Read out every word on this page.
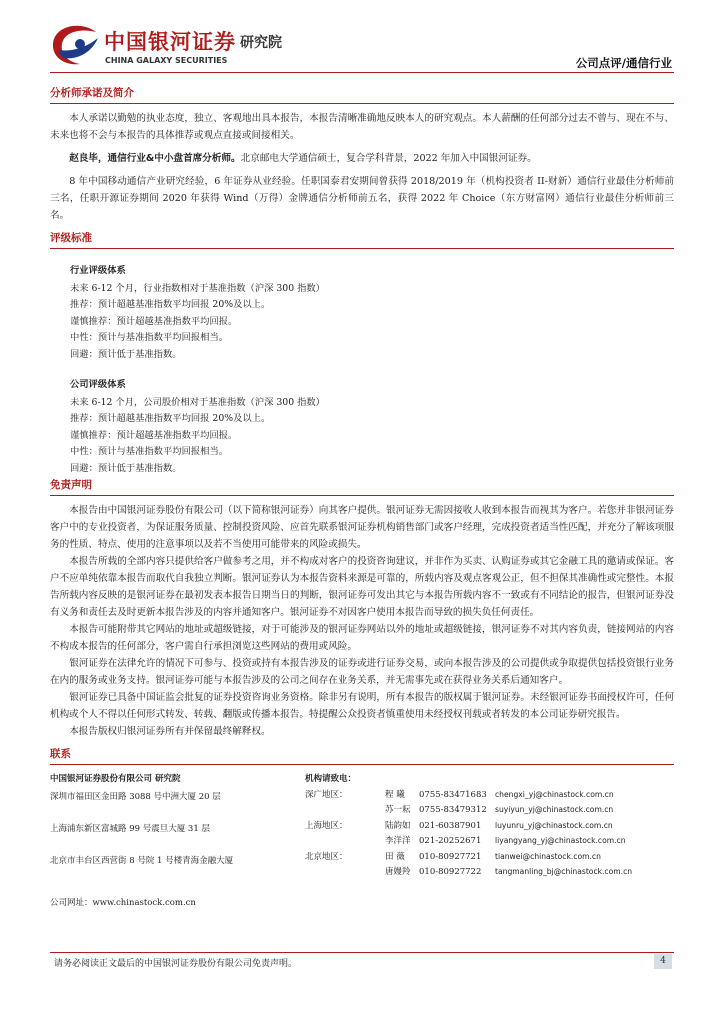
中国银河证券 研究院
CHINA GALAXY SECURITIES	公司点评/通信行业
分析师承诺及简介

本人承诺以勤勉的执业态度，独立、客观地出具本报告，本报告清晰准确地反映本人的研究观点。本人薪酬的任何部分过去不曾与、现在不与、未来也将不会与本报告的具体推荐或观点直接或间接相关。

赵良毕，通信行业&中小盘首席分析师。北京邮电大学通信硕士，复合学科背景，2022 年加入中国银河证券。

8 年中国移动通信产业研究经验，6 年证券从业经验。任职国泰君安期间曾获得 2018/2019 年（机构投资者 II-财新）通信行业最佳分析师前三名，任职开源证券期间 2020 年获得 Wind（万得）金牌通信分析师前五名，获得 2022 年 Choice（东方财富网）通信行业最佳分析师前三名。

评级标准
行业评级体系
未来 6-12 个月，行业指数相对于基准指数（沪深 300 指数）
推荐：预计超越基准指数平均回报 20%及以上。
谨慎推荐：预计超越基准指数平均回报。
中性：预计与基准指数平均回报相当。
回避：预计低于基准指数。
公司评级体系
未来 6-12 个月，公司股价相对于基准指数（沪深 300 指数）
推荐：预计超越基准指数平均回报 20%及以上。
谨慎推荐：预计超越基准指数平均回报。
中性：预计与基准指数平均回报相当。
回避：预计低于基准指数。
免责声明

本报告由中国银河证券股份有限公司（以下简称银河证券）向其客户提供。银河证券无需因接收人收到本报告而视其为客户。若您并非银河证券客户中的专业投资者，为保证服务质量、控制投资风险、应首先联系银河证券机构销售部门或客户经理，完成投资者适当性匹配，并充分了解该项服务的性质、特点、使用的注意事项以及若不当使用可能带来的风险或损失。

本报告所载的全部内容只提供给客户做参考之用，并不构成对客户的投资咨询建议，并非作为买卖、认购证券或其它金融工具的邀请或保证。客户不应单纯依靠本报告而取代自我独立判断。银河证券认为本报告资料来源是可靠的，所载内容及观点客观公正，但不担保其准确性或完整性。本报告所载内容反映的是银河证券在最初发表本报告日期当日的判断，银河证券可发出其它与本报告所载内容不一致或有不同结论的报告，但银河证券没有义务和责任去及时更新本报告涉及的内容并通知客户。银河证券不对因客户使用本报告而导致的损失负任何责任。

本报告可能附带其它网站的地址或超级链接，对于可能涉及的银河证券网站以外的地址或超级链接，银河证券不对其内容负责，链接网站的内容不构成本报告的任何部分，客户需自行承担浏览这些网站的费用或风险。

银河证券在法律允许的情况下可参与、投资或持有本报告涉及的证券或进行证券交易，或向本报告涉及的公司提供或争取提供包括投资银行业务在内的服务或业务支持。银河证券可能与本报告涉及的公司之间存在业务关系，并无需事先或在获得业务关系后通知客户。

银河证券已具备中国证监会批复的证券投资咨询业务资格。除非另有说明，所有本报告的版权属于银河证券。未经银河证券书面授权许可，任何机构或个人不得以任何形式转发、转载、翻版或传播本报告。特提醒公众投资者慎重使用未经授权刊载或者转发的本公司证券研究报告。

本报告版权归银河证券所有并保留最终解释权。

联系
中国银河证券股份有限公司 研究院
深圳市福田区金田路 3088 号中洲大厦 20 层
上海浦东新区富城路 99 号震旦大厦 31 层
北京市丰台区西营街 8 号院 1 号楼青海金融大厦
机构请致电：
深广地区：	程 曦 0755-83471683 chengxi_yj@chinastock.com.cn
苏一耘 0755-83479312 suyiyun_yj@chinastock.com.cn
上海地区：	陆韵如 021-60387901 luyunru_yj@chinastock.com.cn
李洋洋 021-20252671 liyangyang_yj@chinastock.com.cn
北京地区：	田 薇 010-80927721 tianwei@chinastock.com.cn
唐嫚羚 010-80927722 tangmanling_bj@chinastock.com.cn
公司网址：www.chinastock.com.cn
请务必阅读正文最后的中国银河证券股份有限公司免责声明。	4
